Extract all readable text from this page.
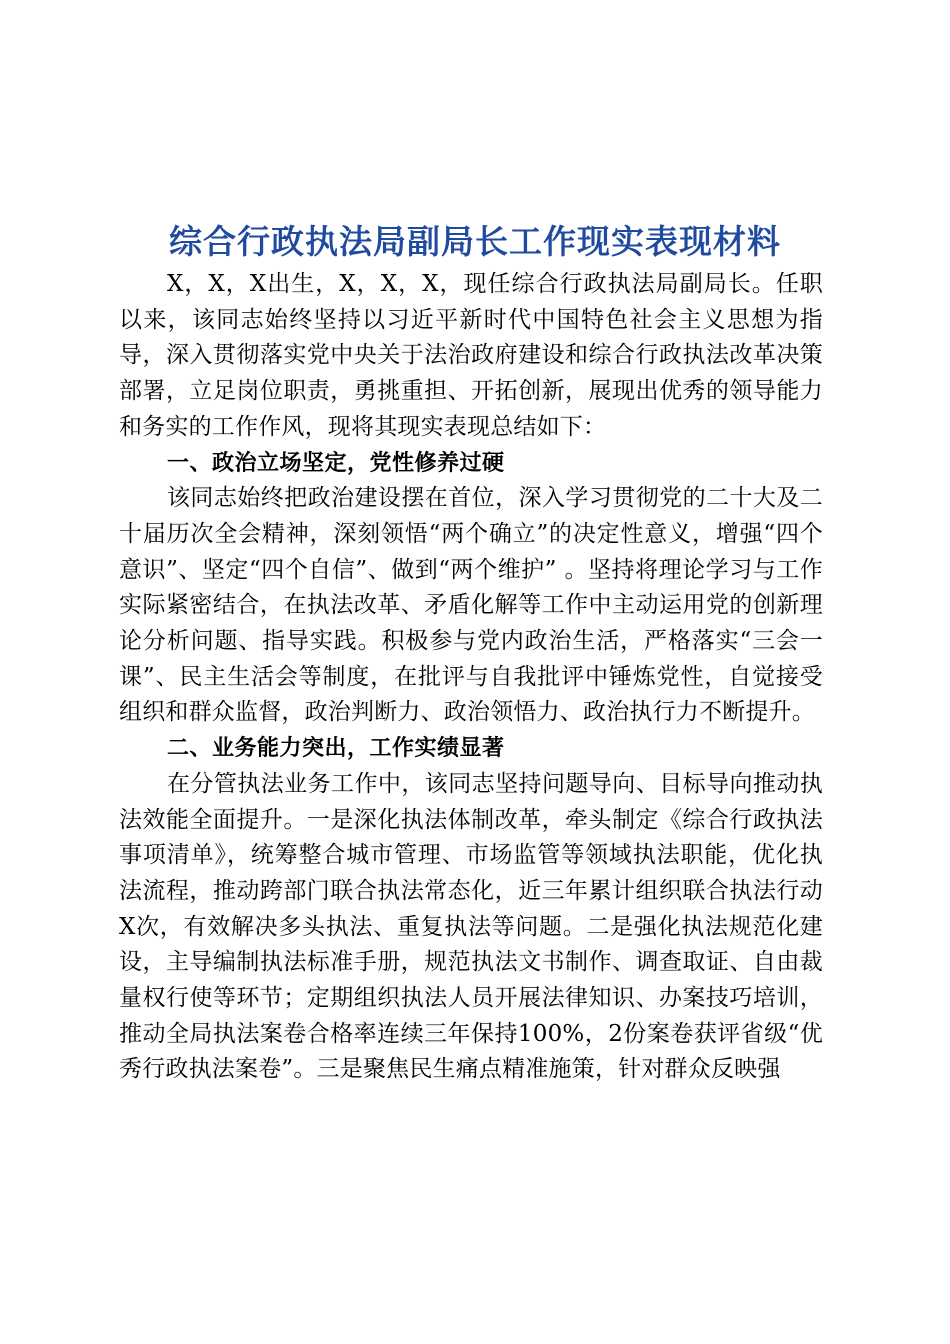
综合行政执法局副局长工作现实表现材料

X，X，X出生，X，X，X，现任综合行政执法局副局长。任职以来，该同志始终坚持以习近平新时代中国特色社会主义思想为指导，深入贯彻落实党中央关于法治政府建设和综合行政执法改革决策部署，立足岗位职责，勇挑重担、开拓创新，展现出优秀的领导能力和务实的工作作风，现将其现实表现总结如下：

一、政治立场坚定，党性修养过硬

该同志始终把政治建设摆在首位，深入学习贯彻党的二十大及二十届历次全会精神，深刻领悟“两个确立”的决定性意义，增强“四个意识”、坚定“四个自信”、做到“两个维护” 。坚持将理论学习与工作实际紧密结合，在执法改革、矛盾化解等工作中主动运用党的创新理论分析问题、指导实践。积极参与党内政治生活，严格落实“三会一课”、民主生活会等制度，在批评与自我批评中锤炼党性，自觉接受组织和群众监督，政治判断力、政治领悟力、政治执行力不断提升。

二、业务能力突出，工作实绩显著

在分管执法业务工作中，该同志坚持问题导向、目标导向推动执法效能全面提升。一是深化执法体制改革，牵头制定《综合行政执法事项清单》，统筹整合城市管理、市场监管等领域执法职能，优化执法流程，推动跨部门联合执法常态化，近三年累计组织联合执法行动X次，有效解决多头执法、重复执法等问题。二是强化执法规范化建设，主导编制执法标准手册，规范执法文书制作、调查取证、自由裁量权行使等环节；定期组织执法人员开展法律知识、办案技巧培训，推动全局执法案卷合格率连续三年保持100%，2份案卷获评省级“优秀行政执法案卷”。三是聚焦民生痛点精准施策，针对群众反映强
